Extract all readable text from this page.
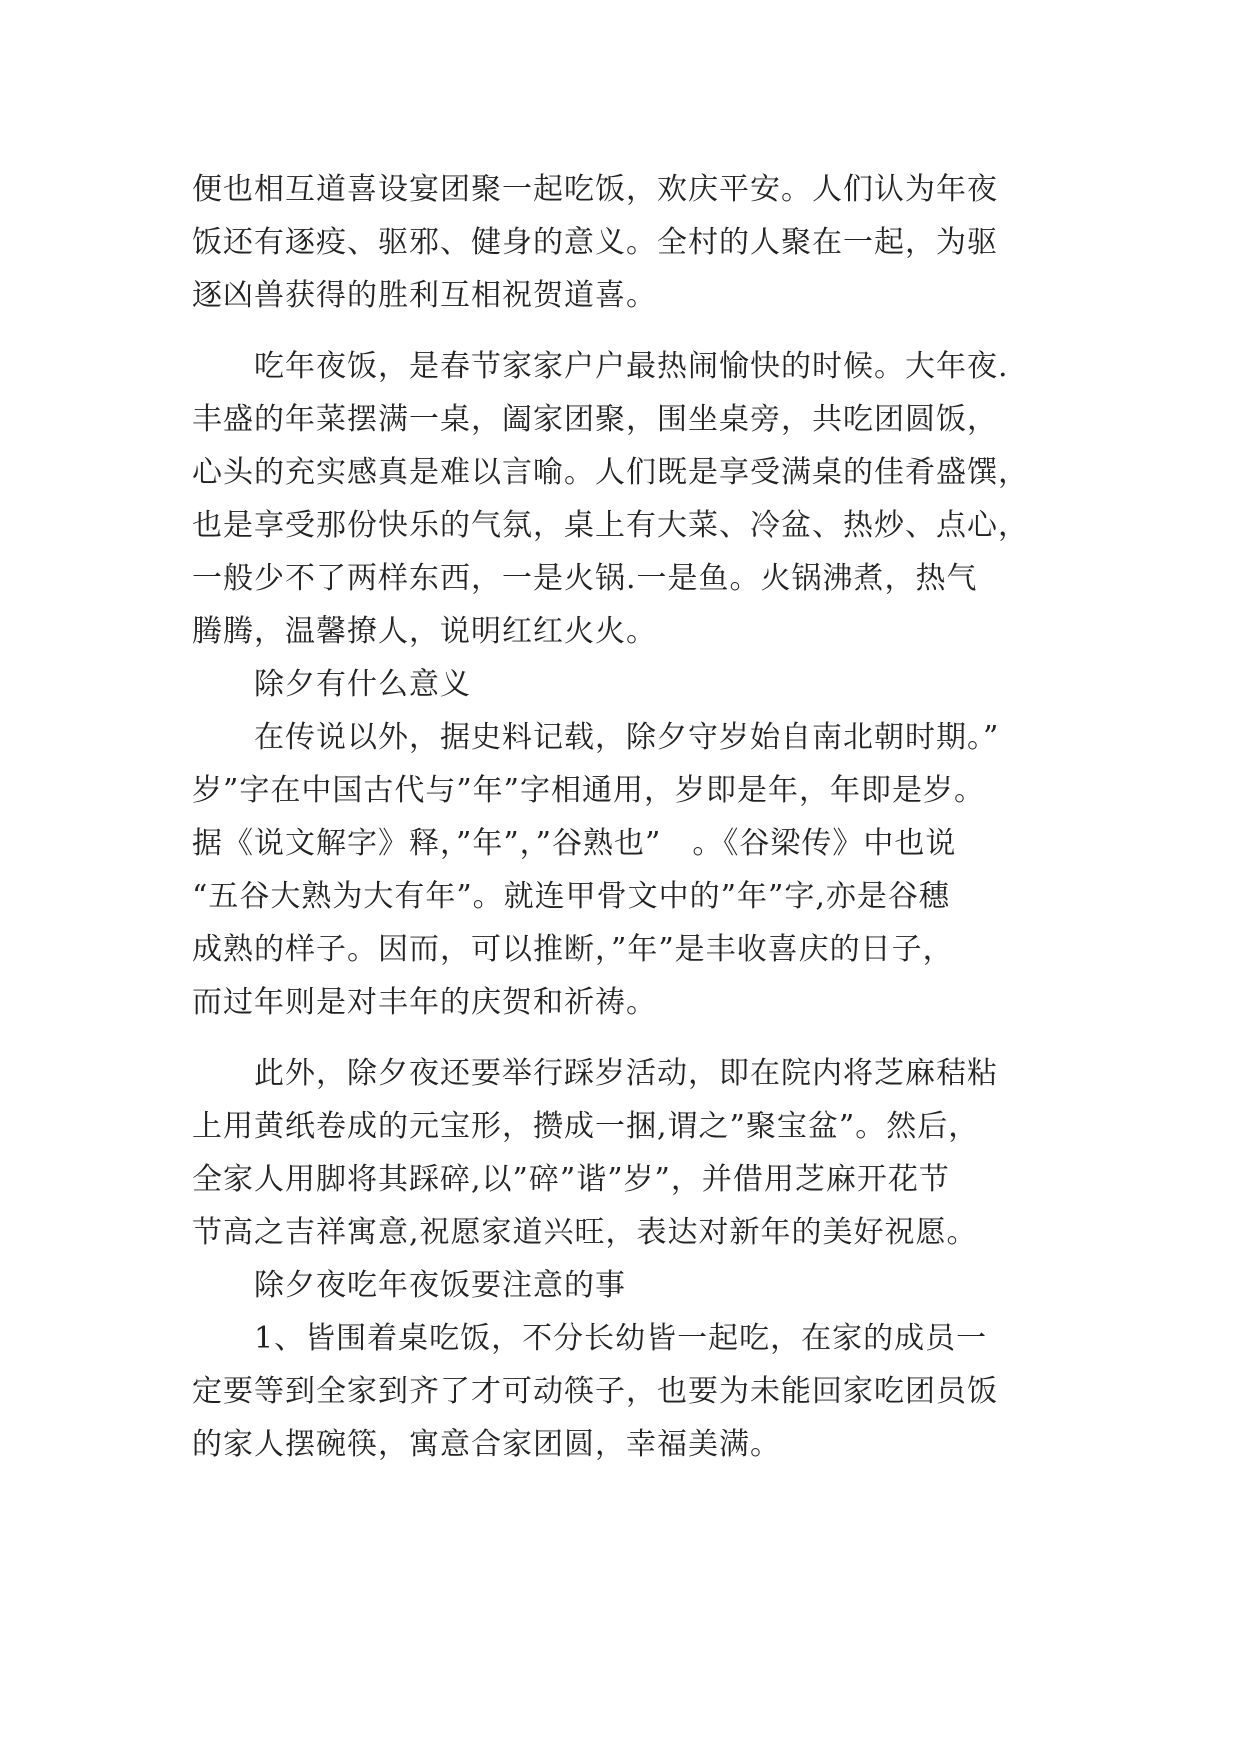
便也相互道喜设宴团聚一起吃饭，欢庆平安。人们认为年夜
饭还有逐疫、驱邪、健身的意义。全村的人聚在一起，为驱
逐凶兽获得的胜利互相祝贺道喜。
吃年夜饭，是春节家家户户最热闹愉快的时候。大年夜.
丰盛的年菜摆满一桌，阖家团聚，围坐桌旁，共吃团圆饭，
心头的充实感真是难以言喻。人们既是享受满桌的佳肴盛馔，
也是享受那份快乐的气氛，桌上有大菜、冷盆、热炒、点心，
一般少不了两样东西，一是火锅.一是鱼。火锅沸煮，热气
腾腾，温馨撩人，说明红红火火。
除夕有什么意义
在传说以外，据史料记载，除夕守岁始自南北朝时期。”
岁”字在中国古代与”年”字相通用，岁即是年，年即是岁。
据《说文解字》释，”年”，”谷熟也”　。《谷梁传》中也说
“五谷大熟为大有年”。就连甲骨文中的”年”字,亦是谷穗
成熟的样子。因而，可以推断，”年”是丰收喜庆的日子，
而过年则是对丰年的庆贺和祈祷。
此外，除夕夜还要举行踩岁活动，即在院内将芝麻秸粘
上用黄纸卷成的元宝形，攒成一捆,谓之”聚宝盆”。然后，
全家人用脚将其踩碎,以”碎”谐”岁”，并借用芝麻开花节
节高之吉祥寓意,祝愿家道兴旺，表达对新年的美好祝愿。
除夕夜吃年夜饭要注意的事
1、皆围着桌吃饭，不分长幼皆一起吃，在家的成员一
定要等到全家到齐了才可动筷子，也要为未能回家吃团员饭
的家人摆碗筷，寓意合家团圆，幸福美满。
